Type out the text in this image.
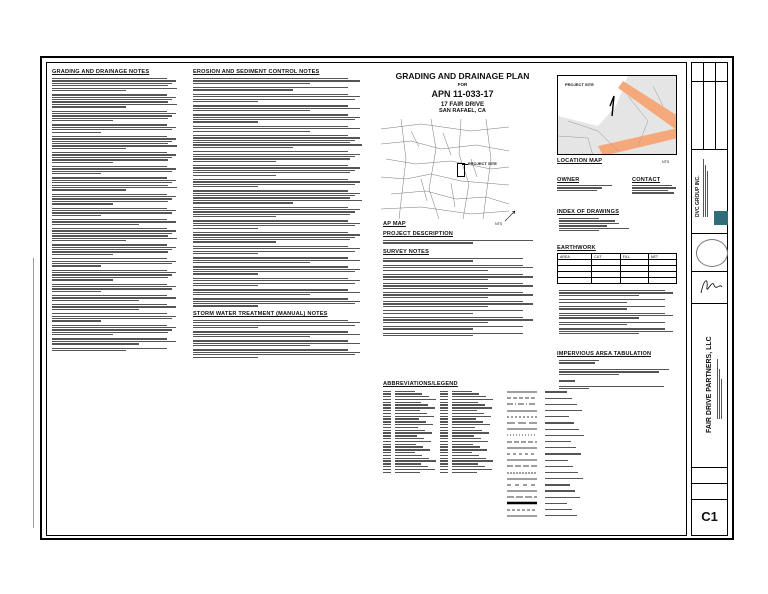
GRADING AND DRAINAGE NOTES	EROSION AND SEDIMENT CONTROL NOTES
STORM WATER TREATMENT (MANUAL) NOTES
GRADING AND DRAINAGE PLAN
FOR
APN 11-033-17
17 FAIR DRIVE
SAN RAFAEL, CA
PROJECT SITE
AP MAP	NTS
PROJECT DESCRIPTION
SURVEY NOTES
ABBREVIATIONS/LEGEND
PROJECT SITE
LOCATION MAP	NTS
OWNER	CONTACT
INDEX OF DRAWINGS
EARTHWORK
AREA	CUT	FILL	NET

IMPERVIOUS AREA TABULATION
DVC GROUP INC.
FAIR DRIVE PARTNERS, LLC
C1
